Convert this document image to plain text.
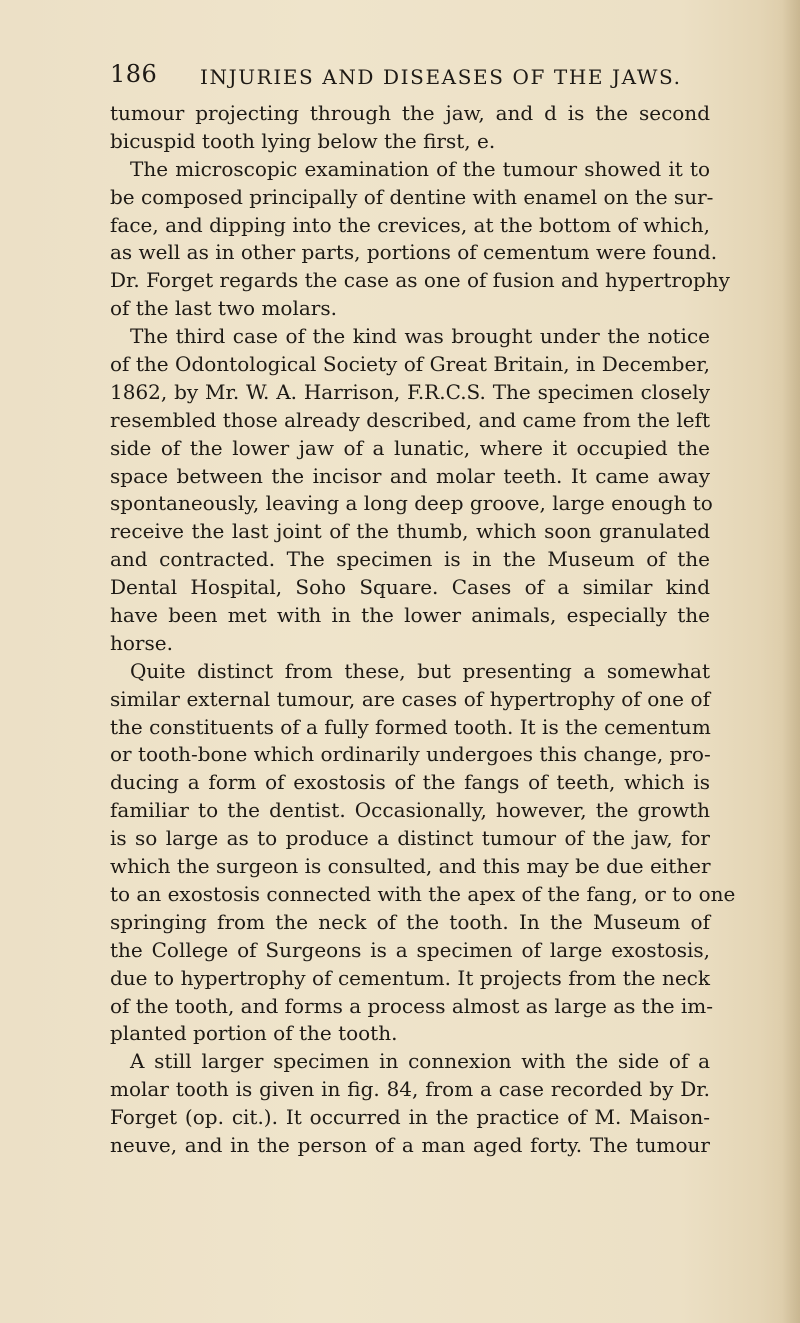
186 INJURIES AND DISEASES OF THE JAWS.
tumour projecting through the jaw, and d is the second
bicuspid tooth lying below the first, e.
The microscopic examination of the tumour showed it to
be composed principally of dentine with enamel on the sur-
face, and dipping into the crevices, at the bottom of which,
as well as in other parts, portions of cementum were found.
Dr. Forget regards the case as one of fusion and hypertrophy
of the last two molars.
The third case of the kind was brought under the notice
of the Odontological Society of Great Britain, in December,
1862, by Mr. W. A. Harrison, F.R.C.S. The specimen closely
resembled those already described, and came from the left
side of the lower jaw of a lunatic, where it occupied the
space between the incisor and molar teeth. It came away
spontaneously, leaving a long deep groove, large enough to
receive the last joint of the thumb, which soon granulated
and contracted. The specimen is in the Museum of the
Dental Hospital, Soho Square. Cases of a similar kind
have been met with in the lower animals, especially the
horse.
Quite distinct from these, but presenting a somewhat
similar external tumour, are cases of hypertrophy of one of
the constituents of a fully formed tooth. It is the cementum
or tooth-bone which ordinarily undergoes this change, pro-
ducing a form of exostosis of the fangs of teeth, which is
familiar to the dentist. Occasionally, however, the growth
is so large as to produce a distinct tumour of the jaw, for
which the surgeon is consulted, and this may be due either
to an exostosis connected with the apex of the fang, or to one
springing from the neck of the tooth. In the Museum of
the College of Surgeons is a specimen of large exostosis,
due to hypertrophy of cementum. It projects from the neck
of the tooth, and forms a process almost as large as the im-
planted portion of the tooth.
A still larger specimen in connexion with the side of a
molar tooth is given in fig. 84, from a case recorded by Dr.
Forget (op. cit.). It occurred in the practice of M. Maison-
neuve, and in the person of a man aged forty. The tumour
